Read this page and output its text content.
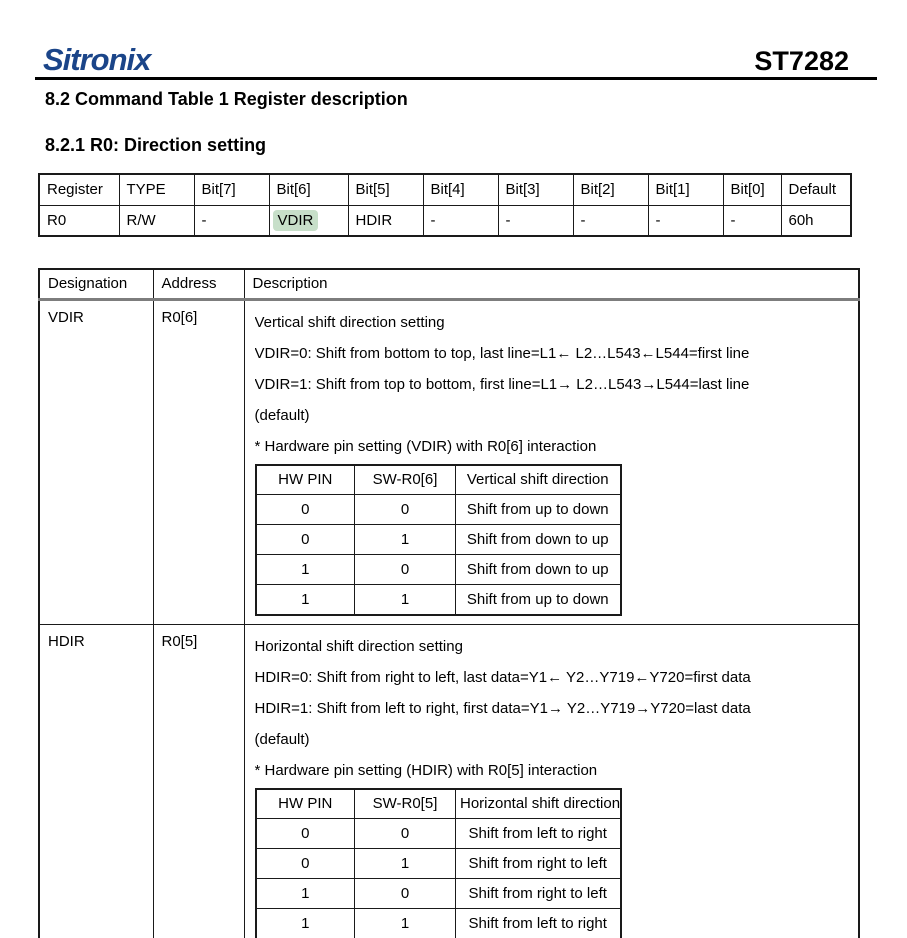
Sitronix	ST7282
8.2 Command Table 1 Register description
8.2.1 R0: Direction setting
Register	TYPE	Bit[7]	Bit[6]	Bit[5]	Bit[4]	Bit[3]	Bit[2]	Bit[1]	Bit[0]	Default
R0	R/W	-	VDIR	HDIR	-	-	-	-	-	60h
Designation	Address	Description
VDIR	R0[6]	Vertical shift direction setting
VDIR=0: Shift from bottom to top, last line=L1← L2…L543←L544=first line
VDIR=1: Shift from top to bottom, first line=L1→ L2…L543→L544=last line
(default)
* Hardware pin setting (VDIR) with R0[6] interaction
HW PIN	SW-R0[6]	Vertical shift direction
0	0	Shift from up to down
0	1	Shift from down to up
1	0	Shift from down to up
1	1	Shift from up to down

HDIR	R0[5]	Horizontal shift direction setting
HDIR=0: Shift from right to left, last data=Y1← Y2…Y719←Y720=first data
HDIR=1: Shift from left to right, first data=Y1→ Y2…Y719→Y720=last data
(default)
* Hardware pin setting (HDIR) with R0[5] interaction
HW PIN	SW-R0[5]	Horizontal shift direction
0	0	Shift from left to right
0	1	Shift from right to left
1	0	Shift from right to left
1	1	Shift from left to right
